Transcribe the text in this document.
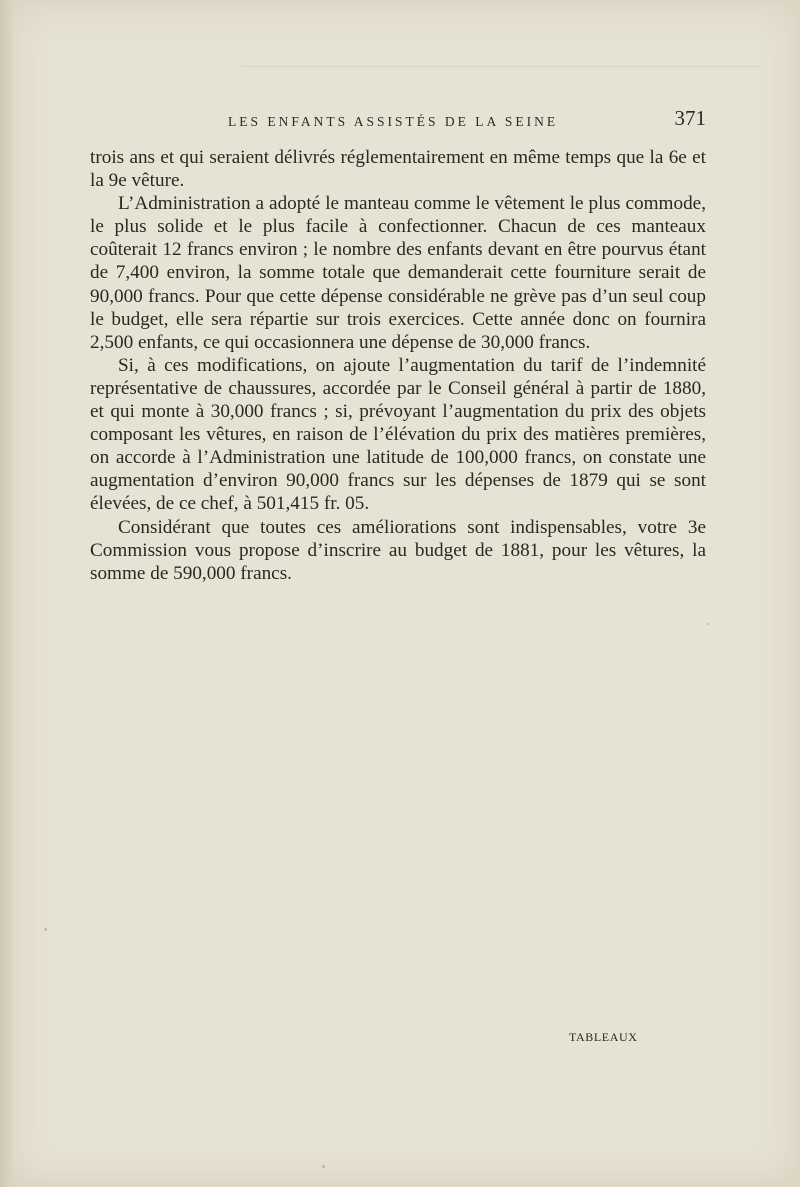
LES ENFANTS ASSISTÉS DE LA SEINE	371

trois ans et qui seraient délivrés réglementairement en même temps que la 6e et la 9e vêture.

L’Administration a adopté le manteau comme le vêtement le plus commode, le plus solide et le plus facile à confectionner. Chacun de ces manteaux coûterait 12 francs environ ; le nombre des enfants devant en être pourvus étant de 7,400 environ, la somme totale que demanderait cette fourniture serait de 90,000 francs. Pour que cette dépense considérable ne grève pas d’un seul coup le budget, elle sera répartie sur trois exercices. Cette année donc on fournira 2,500 enfants, ce qui occasionnera une dépense de 30,000 francs.

Si, à ces modifications, on ajoute l’augmentation du tarif de l’indemnité représentative de chaussures, accordée par le Conseil général à partir de 1880, et qui monte à 30,000 francs ; si, prévoyant l’augmentation du prix des objets composant les vêtures, en raison de l’élévation du prix des matières premières, on accorde à l’Administration une latitude de 100,000 francs, on constate une augmentation d’environ 90,000 francs sur les dépenses de 1879 qui se sont élevées, de ce chef, à 501,415 fr. 05.

Considérant que toutes ces améliorations sont indispensables, votre 3e Commission vous propose d’inscrire au budget de 1881, pour les vêtures, la somme de 590,000 francs.

TABLEAUX
